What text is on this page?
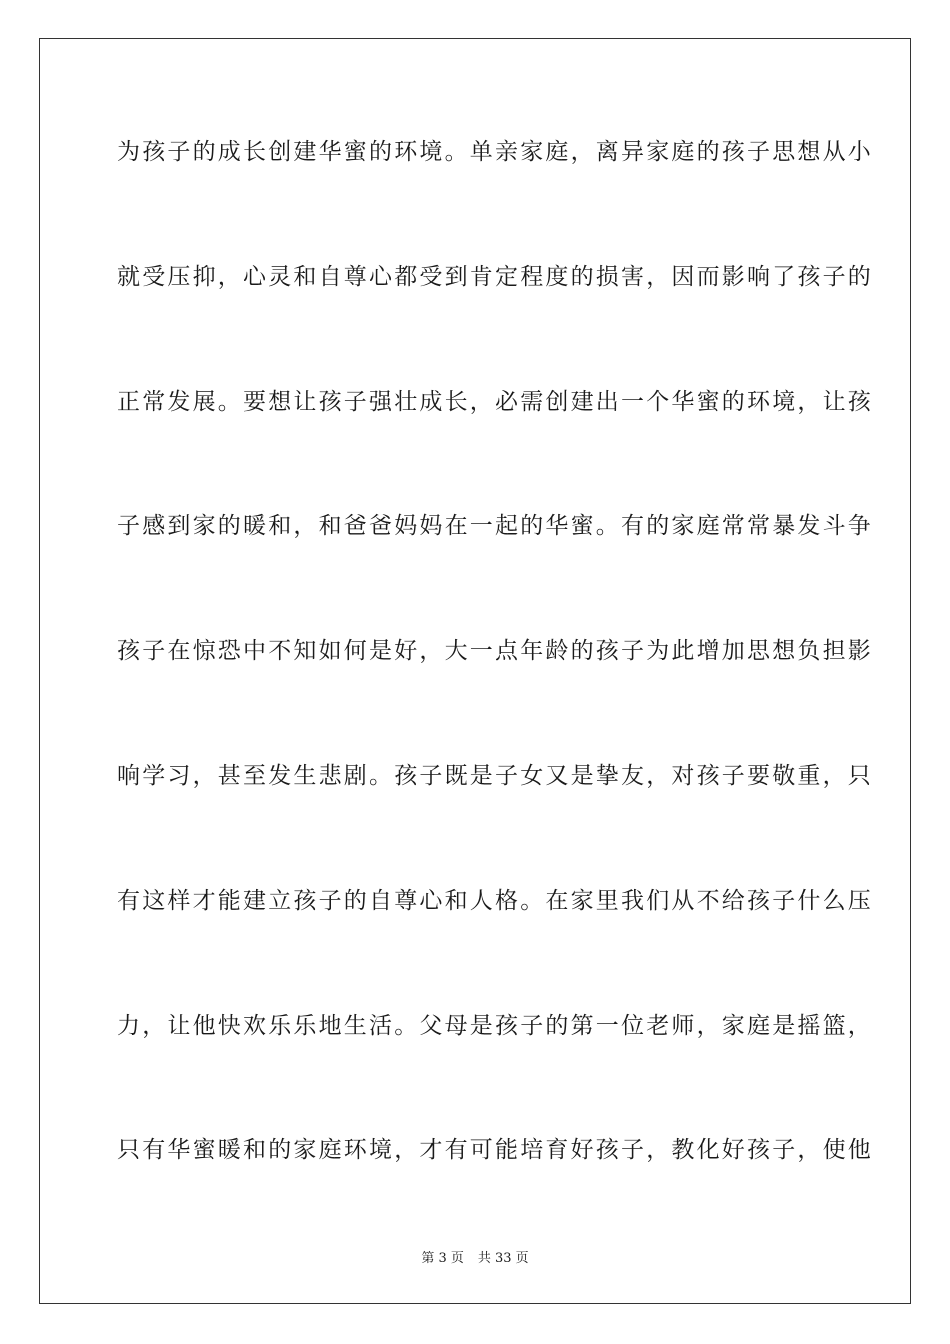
为孩子的成长创建华蜜的环境。单亲家庭，离异家庭的孩子思想从小
就受压抑，心灵和自尊心都受到肯定程度的损害，因而影响了孩子的
正常发展。要想让孩子强壮成长，必需创建出一个华蜜的环境，让孩
子感到家的暖和，和爸爸妈妈在一起的华蜜。有的家庭常常暴发斗争
孩子在惊恐中不知如何是好，大一点年龄的孩子为此增加思想负担影
响学习，甚至发生悲剧。孩子既是子女又是挚友，对孩子要敬重，只
有这样才能建立孩子的自尊心和人格。在家里我们从不给孩子什么压
力，让他快欢乐乐地生活。父母是孩子的第一位老师，家庭是摇篮，
只有华蜜暖和的家庭环境，才有可能培育好孩子，教化好孩子，使他
第 3 页 共 33 页
